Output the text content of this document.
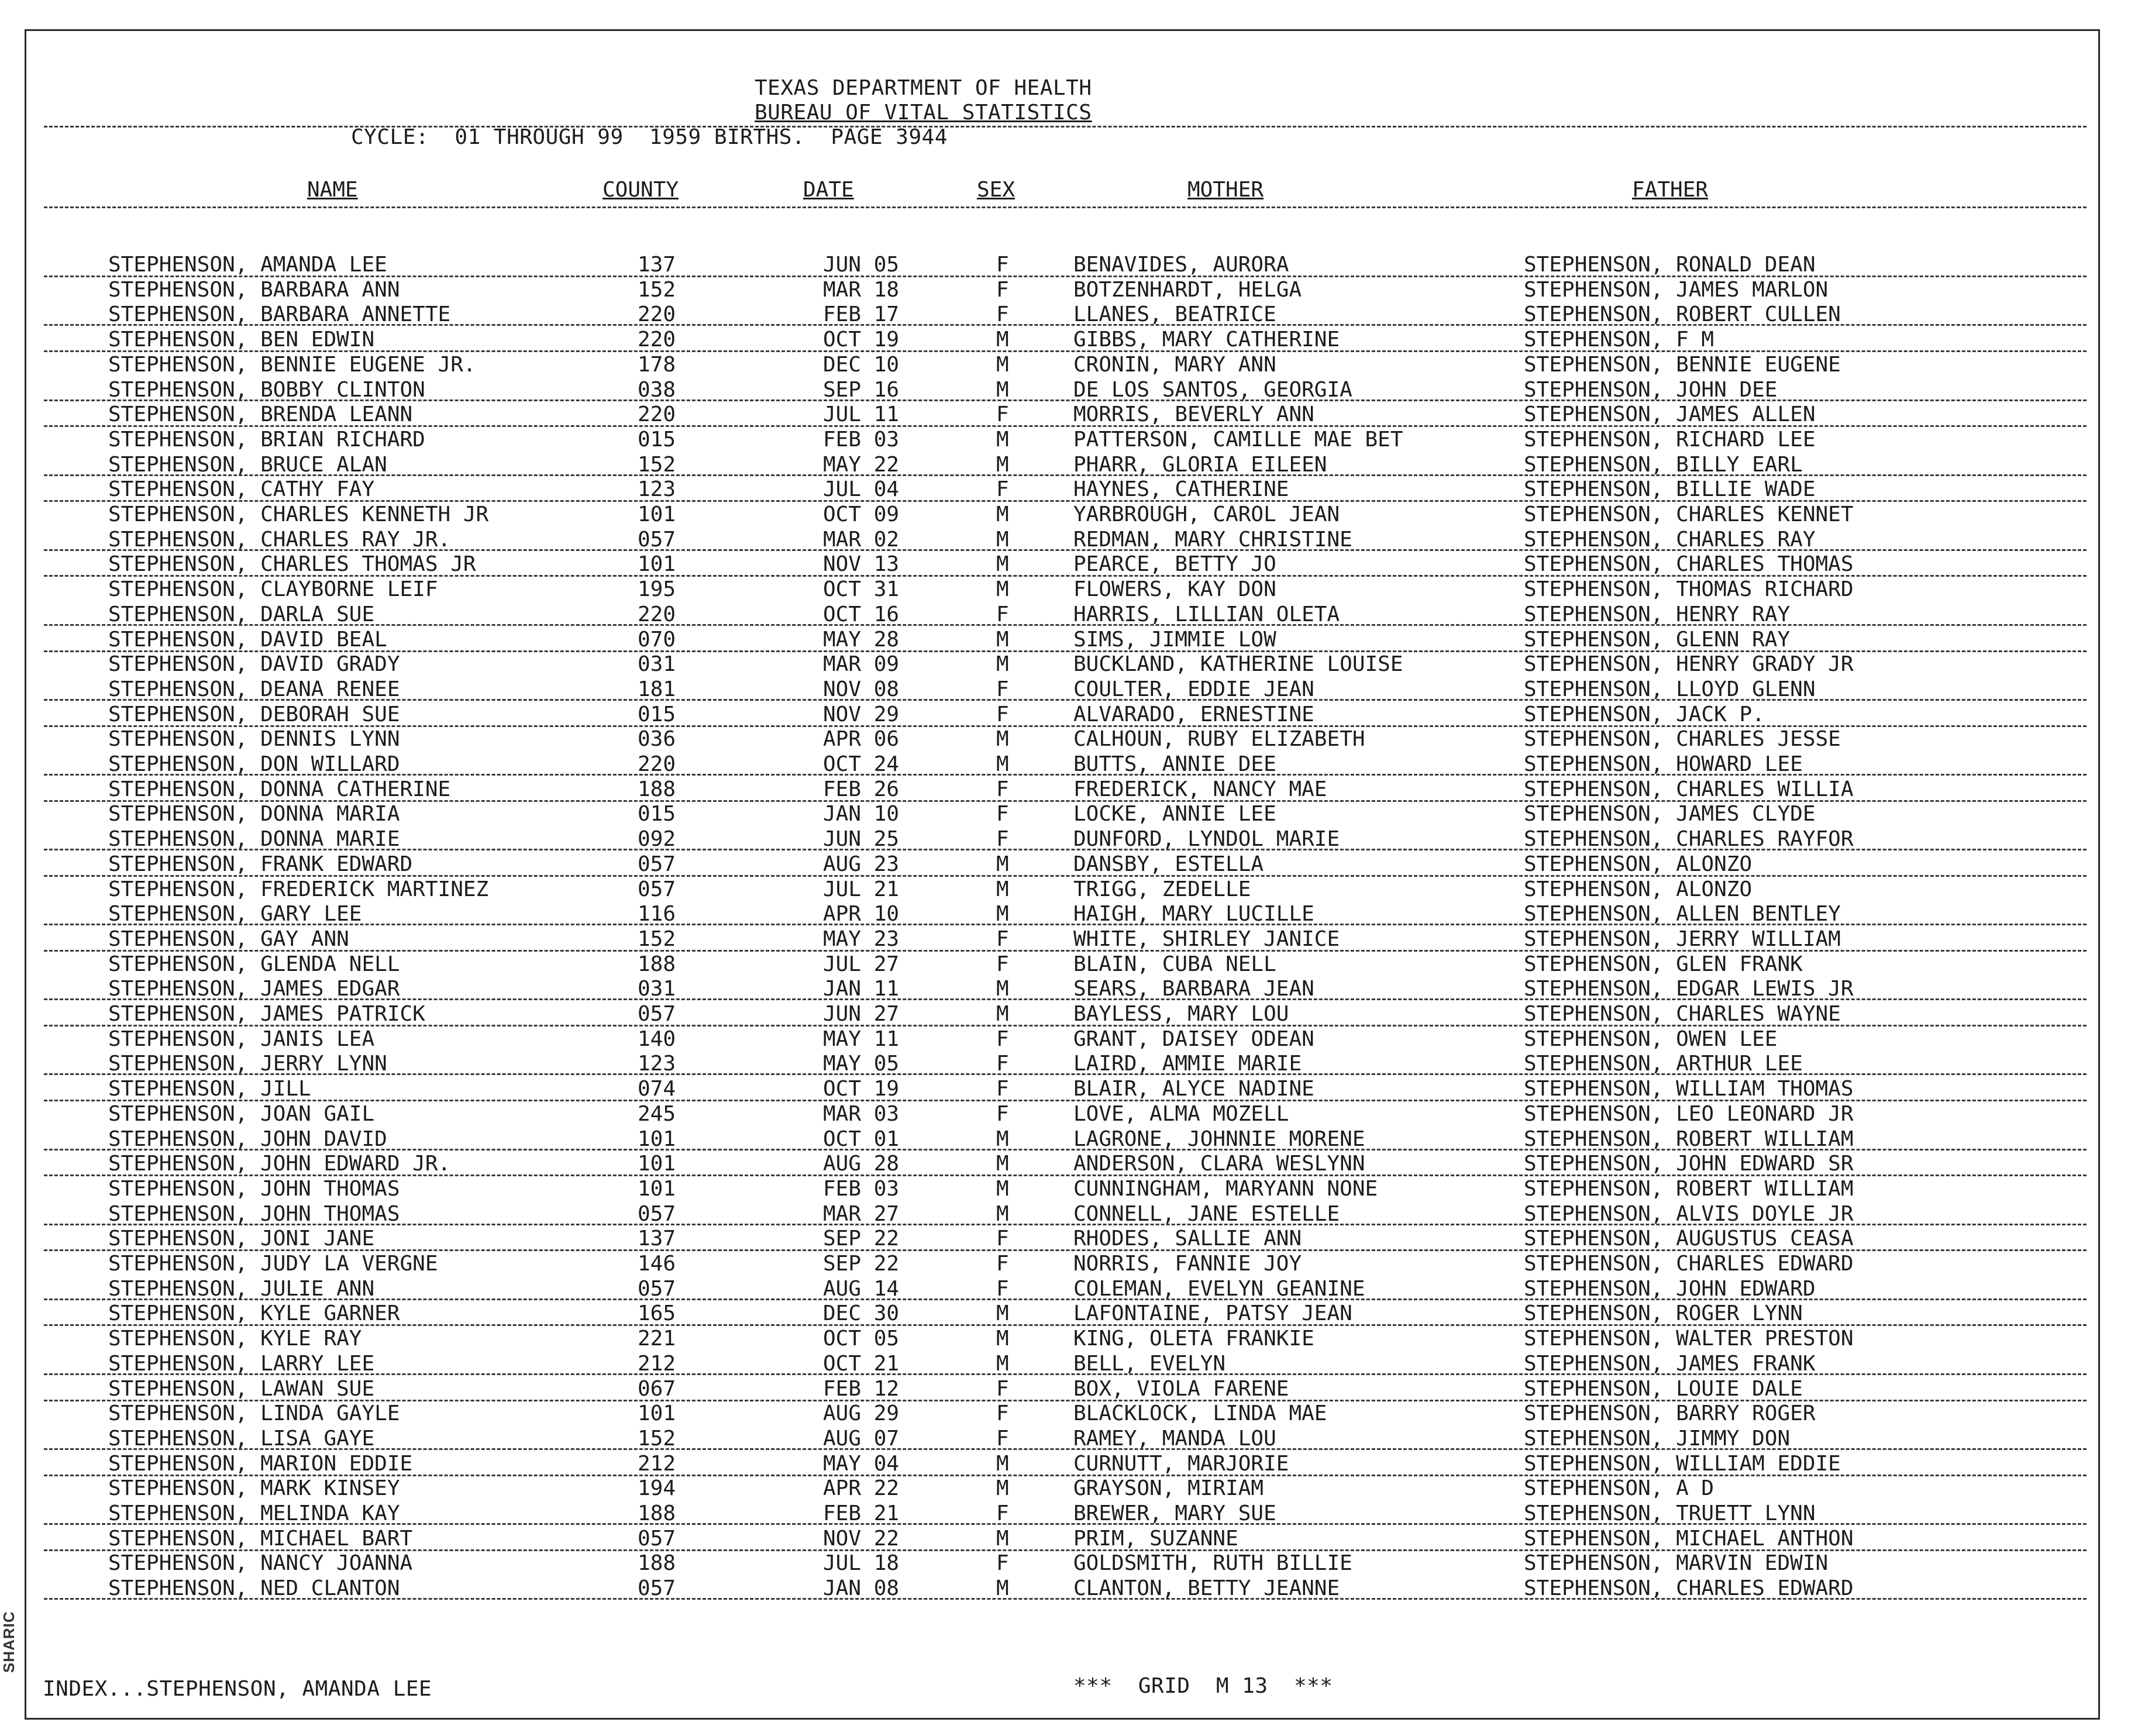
TEXAS DEPARTMENT OF HEALTH
BUREAU OF VITAL STATISTICS
CYCLE:  01 THROUGH 99  1959 BIRTHS.  PAGE 3944
NAME	COUNTY	DATE	SEX	MOTHER	FATHER
STEPHENSON, AMANDA LEE	137	JUN 05	F	BENAVIDES, AURORA	STEPHENSON, RONALD DEAN
STEPHENSON, BARBARA ANN	152	MAR 18	F	BOTZENHARDT, HELGA	STEPHENSON, JAMES MARLON
STEPHENSON, BARBARA ANNETTE	220	FEB 17	F	LLANES, BEATRICE	STEPHENSON, ROBERT CULLEN
STEPHENSON, BEN EDWIN	220	OCT 19	M	GIBBS, MARY CATHERINE	STEPHENSON, F M
STEPHENSON, BENNIE EUGENE JR.	178	DEC 10	M	CRONIN, MARY ANN	STEPHENSON, BENNIE EUGENE
STEPHENSON, BOBBY CLINTON	038	SEP 16	M	DE LOS SANTOS, GEORGIA	STEPHENSON, JOHN DEE
STEPHENSON, BRENDA LEANN	220	JUL 11	F	MORRIS, BEVERLY ANN	STEPHENSON, JAMES ALLEN
STEPHENSON, BRIAN RICHARD	015	FEB 03	M	PATTERSON, CAMILLE MAE BET	STEPHENSON, RICHARD LEE
STEPHENSON, BRUCE ALAN	152	MAY 22	M	PHARR, GLORIA EILEEN	STEPHENSON, BILLY EARL
STEPHENSON, CATHY FAY	123	JUL 04	F	HAYNES, CATHERINE	STEPHENSON, BILLIE WADE
STEPHENSON, CHARLES KENNETH JR	101	OCT 09	M	YARBROUGH, CAROL JEAN	STEPHENSON, CHARLES KENNET
STEPHENSON, CHARLES RAY JR.	057	MAR 02	M	REDMAN, MARY CHRISTINE	STEPHENSON, CHARLES RAY
STEPHENSON, CHARLES THOMAS JR	101	NOV 13	M	PEARCE, BETTY JO	STEPHENSON, CHARLES THOMAS
STEPHENSON, CLAYBORNE LEIF	195	OCT 31	M	FLOWERS, KAY DON	STEPHENSON, THOMAS RICHARD
STEPHENSON, DARLA SUE	220	OCT 16	F	HARRIS, LILLIAN OLETA	STEPHENSON, HENRY RAY
STEPHENSON, DAVID BEAL	070	MAY 28	M	SIMS, JIMMIE LOW	STEPHENSON, GLENN RAY
STEPHENSON, DAVID GRADY	031	MAR 09	M	BUCKLAND, KATHERINE LOUISE	STEPHENSON, HENRY GRADY JR
STEPHENSON, DEANA RENEE	181	NOV 08	F	COULTER, EDDIE JEAN	STEPHENSON, LLOYD GLENN
STEPHENSON, DEBORAH SUE	015	NOV 29	F	ALVARADO, ERNESTINE	STEPHENSON, JACK P.
STEPHENSON, DENNIS LYNN	036	APR 06	M	CALHOUN, RUBY ELIZABETH	STEPHENSON, CHARLES JESSE
STEPHENSON, DON WILLARD	220	OCT 24	M	BUTTS, ANNIE DEE	STEPHENSON, HOWARD LEE
STEPHENSON, DONNA CATHERINE	188	FEB 26	F	FREDERICK, NANCY MAE	STEPHENSON, CHARLES WILLIA
STEPHENSON, DONNA MARIA	015	JAN 10	F	LOCKE, ANNIE LEE	STEPHENSON, JAMES CLYDE
STEPHENSON, DONNA MARIE	092	JUN 25	F	DUNFORD, LYNDOL MARIE	STEPHENSON, CHARLES RAYFOR
STEPHENSON, FRANK EDWARD	057	AUG 23	M	DANSBY, ESTELLA	STEPHENSON, ALONZO
STEPHENSON, FREDERICK MARTINEZ	057	JUL 21	M	TRIGG, ZEDELLE	STEPHENSON, ALONZO
STEPHENSON, GARY LEE	116	APR 10	M	HAIGH, MARY LUCILLE	STEPHENSON, ALLEN BENTLEY
STEPHENSON, GAY ANN	152	MAY 23	F	WHITE, SHIRLEY JANICE	STEPHENSON, JERRY WILLIAM
STEPHENSON, GLENDA NELL	188	JUL 27	F	BLAIN, CUBA NELL	STEPHENSON, GLEN FRANK
STEPHENSON, JAMES EDGAR	031	JAN 11	M	SEARS, BARBARA JEAN	STEPHENSON, EDGAR LEWIS JR
STEPHENSON, JAMES PATRICK	057	JUN 27	M	BAYLESS, MARY LOU	STEPHENSON, CHARLES WAYNE
STEPHENSON, JANIS LEA	140	MAY 11	F	GRANT, DAISEY ODEAN	STEPHENSON, OWEN LEE
STEPHENSON, JERRY LYNN	123	MAY 05	F	LAIRD, AMMIE MARIE	STEPHENSON, ARTHUR LEE
STEPHENSON, JILL	074	OCT 19	F	BLAIR, ALYCE NADINE	STEPHENSON, WILLIAM THOMAS
STEPHENSON, JOAN GAIL	245	MAR 03	F	LOVE, ALMA MOZELL	STEPHENSON, LEO LEONARD JR
STEPHENSON, JOHN DAVID	101	OCT 01	M	LAGRONE, JOHNNIE MORENE	STEPHENSON, ROBERT WILLIAM
STEPHENSON, JOHN EDWARD JR.	101	AUG 28	M	ANDERSON, CLARA WESLYNN	STEPHENSON, JOHN EDWARD SR
STEPHENSON, JOHN THOMAS	101	FEB 03	M	CUNNINGHAM, MARYANN NONE	STEPHENSON, ROBERT WILLIAM
STEPHENSON, JOHN THOMAS	057	MAR 27	M	CONNELL, JANE ESTELLE	STEPHENSON, ALVIS DOYLE JR
STEPHENSON, JONI JANE	137	SEP 22	F	RHODES, SALLIE ANN	STEPHENSON, AUGUSTUS CEASA
STEPHENSON, JUDY LA VERGNE	146	SEP 22	F	NORRIS, FANNIE JOY	STEPHENSON, CHARLES EDWARD
STEPHENSON, JULIE ANN	057	AUG 14	F	COLEMAN, EVELYN GEANINE	STEPHENSON, JOHN EDWARD
STEPHENSON, KYLE GARNER	165	DEC 30	M	LAFONTAINE, PATSY JEAN	STEPHENSON, ROGER LYNN
STEPHENSON, KYLE RAY	221	OCT 05	M	KING, OLETA FRANKIE	STEPHENSON, WALTER PRESTON
STEPHENSON, LARRY LEE	212	OCT 21	M	BELL, EVELYN	STEPHENSON, JAMES FRANK
STEPHENSON, LAWAN SUE	067	FEB 12	F	BOX, VIOLA FARENE	STEPHENSON, LOUIE DALE
STEPHENSON, LINDA GAYLE	101	AUG 29	F	BLACKLOCK, LINDA MAE	STEPHENSON, BARRY ROGER
STEPHENSON, LISA GAYE	152	AUG 07	F	RAMEY, MANDA LOU	STEPHENSON, JIMMY DON
STEPHENSON, MARION EDDIE	212	MAY 04	M	CURNUTT, MARJORIE	STEPHENSON, WILLIAM EDDIE
STEPHENSON, MARK KINSEY	194	APR 22	M	GRAYSON, MIRIAM	STEPHENSON, A D
STEPHENSON, MELINDA KAY	188	FEB 21	F	BREWER, MARY SUE	STEPHENSON, TRUETT LYNN
STEPHENSON, MICHAEL BART	057	NOV 22	M	PRIM, SUZANNE	STEPHENSON, MICHAEL ANTHON
STEPHENSON, NANCY JOANNA	188	JUL 18	F	GOLDSMITH, RUTH BILLIE	STEPHENSON, MARVIN EDWIN
STEPHENSON, NED CLANTON	057	JAN 08	M	CLANTON, BETTY JEANNE	STEPHENSON, CHARLES EDWARD
INDEX...STEPHENSON, AMANDA LEE	***  GRID  M 13  ***
SHARIC
